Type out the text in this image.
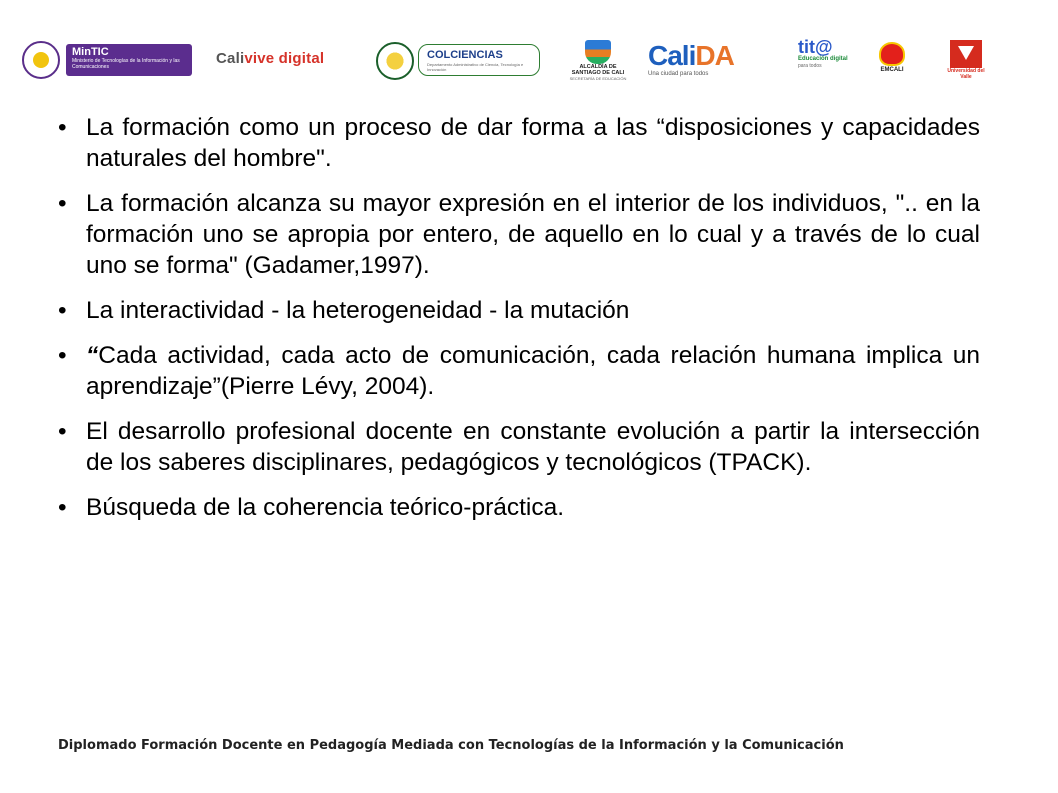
MinTIC
Ministerio de Tecnologías de la Información y las Comunicaciones	Calivive digital	COLCIENCIAS
Departamento Administrativo de Ciencia, Tecnología e Innovación	ALCALDÍA DE SANTIAGO DE CALI
SECRETARÍA DE EDUCACIÓN
CaliDA
Una ciudad para todos
tit@
Educación digital
para todos
EMCALI	Universidad del Valle
• La formación como un proceso de dar forma a las “disposiciones y capacidades naturales del hombre".
• La formación alcanza su mayor expresión en el interior de los individuos, ".. en la formación uno se apropia por entero, de aquello en lo cual y a través de lo cual uno se forma" (Gadamer,1997).
• La interactividad - la heterogeneidad - la mutación
• “Cada actividad, cada acto de comunicación, cada relación humana implica un aprendizaje”(Pierre Lévy, 2004).
• El desarrollo profesional docente en constante evolución a partir la intersección de los saberes disciplinares, pedagógicos y tecnológicos (TPACK).
• Búsqueda de la coherencia teórico-práctica.
Diplomado Formación Docente en Pedagogía Mediada con Tecnologías de la Información y la Comunicación
